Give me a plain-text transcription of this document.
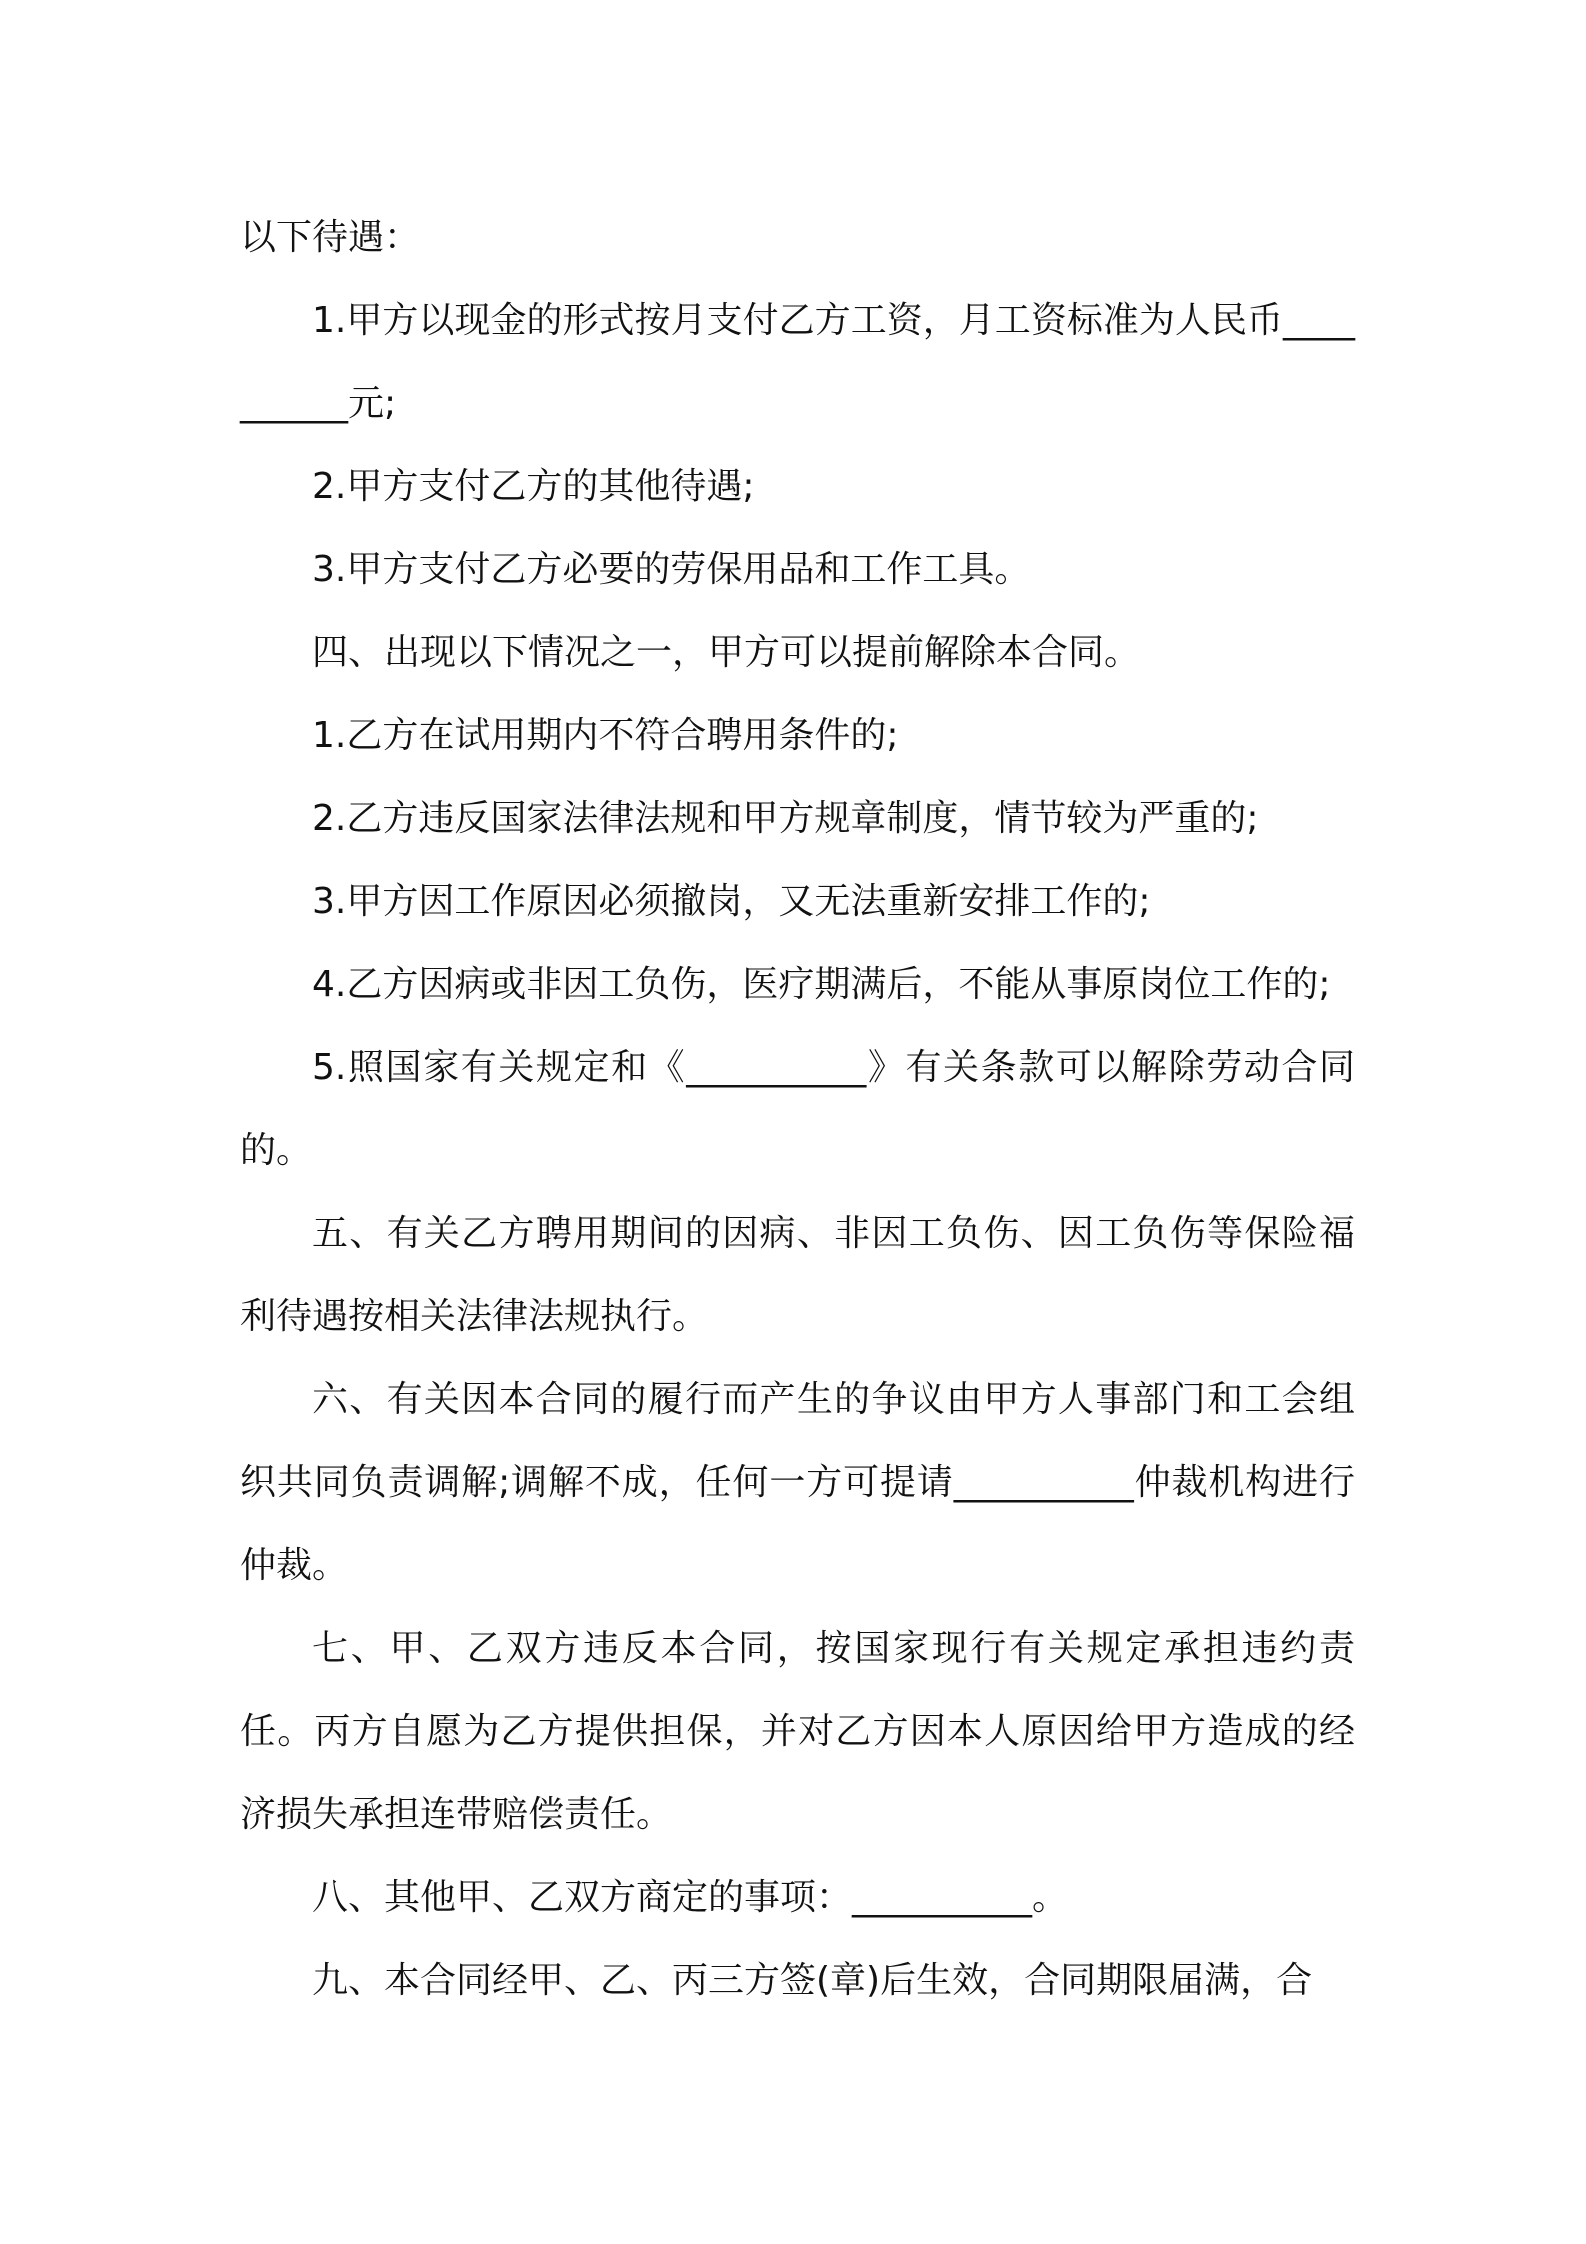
以下待遇：

1.甲方以现金的形式按月支付乙方工资，月工资标准为人民币__________元;

2.甲方支付乙方的其他待遇;

3.甲方支付乙方必要的劳保用品和工作工具。

四、出现以下情况之一，甲方可以提前解除本合同。

1.乙方在试用期内不符合聘用条件的;

2.乙方违反国家法律法规和甲方规章制度，情节较为严重的;

3.甲方因工作原因必须撤岗，又无法重新安排工作的;

4.乙方因病或非因工负伤，医疗期满后，不能从事原岗位工作的;

5.照国家有关规定和《__________》有关条款可以解除劳动合同的。

五、有关乙方聘用期间的因病、非因工负伤、因工负伤等保险福利待遇按相关法律法规执行。

六、有关因本合同的履行而产生的争议由甲方人事部门和工会组织共同负责调解;调解不成，任何一方可提请__________仲裁机构进行仲裁。

七、甲、乙双方违反本合同，按国家现行有关规定承担违约责任。丙方自愿为乙方提供担保，并对乙方因本人原因给甲方造成的经济损失承担连带赔偿责任。

八、其他甲、乙双方商定的事项：__________。

九、本合同经甲、乙、丙三方签(章)后生效，合同期限届满，合
